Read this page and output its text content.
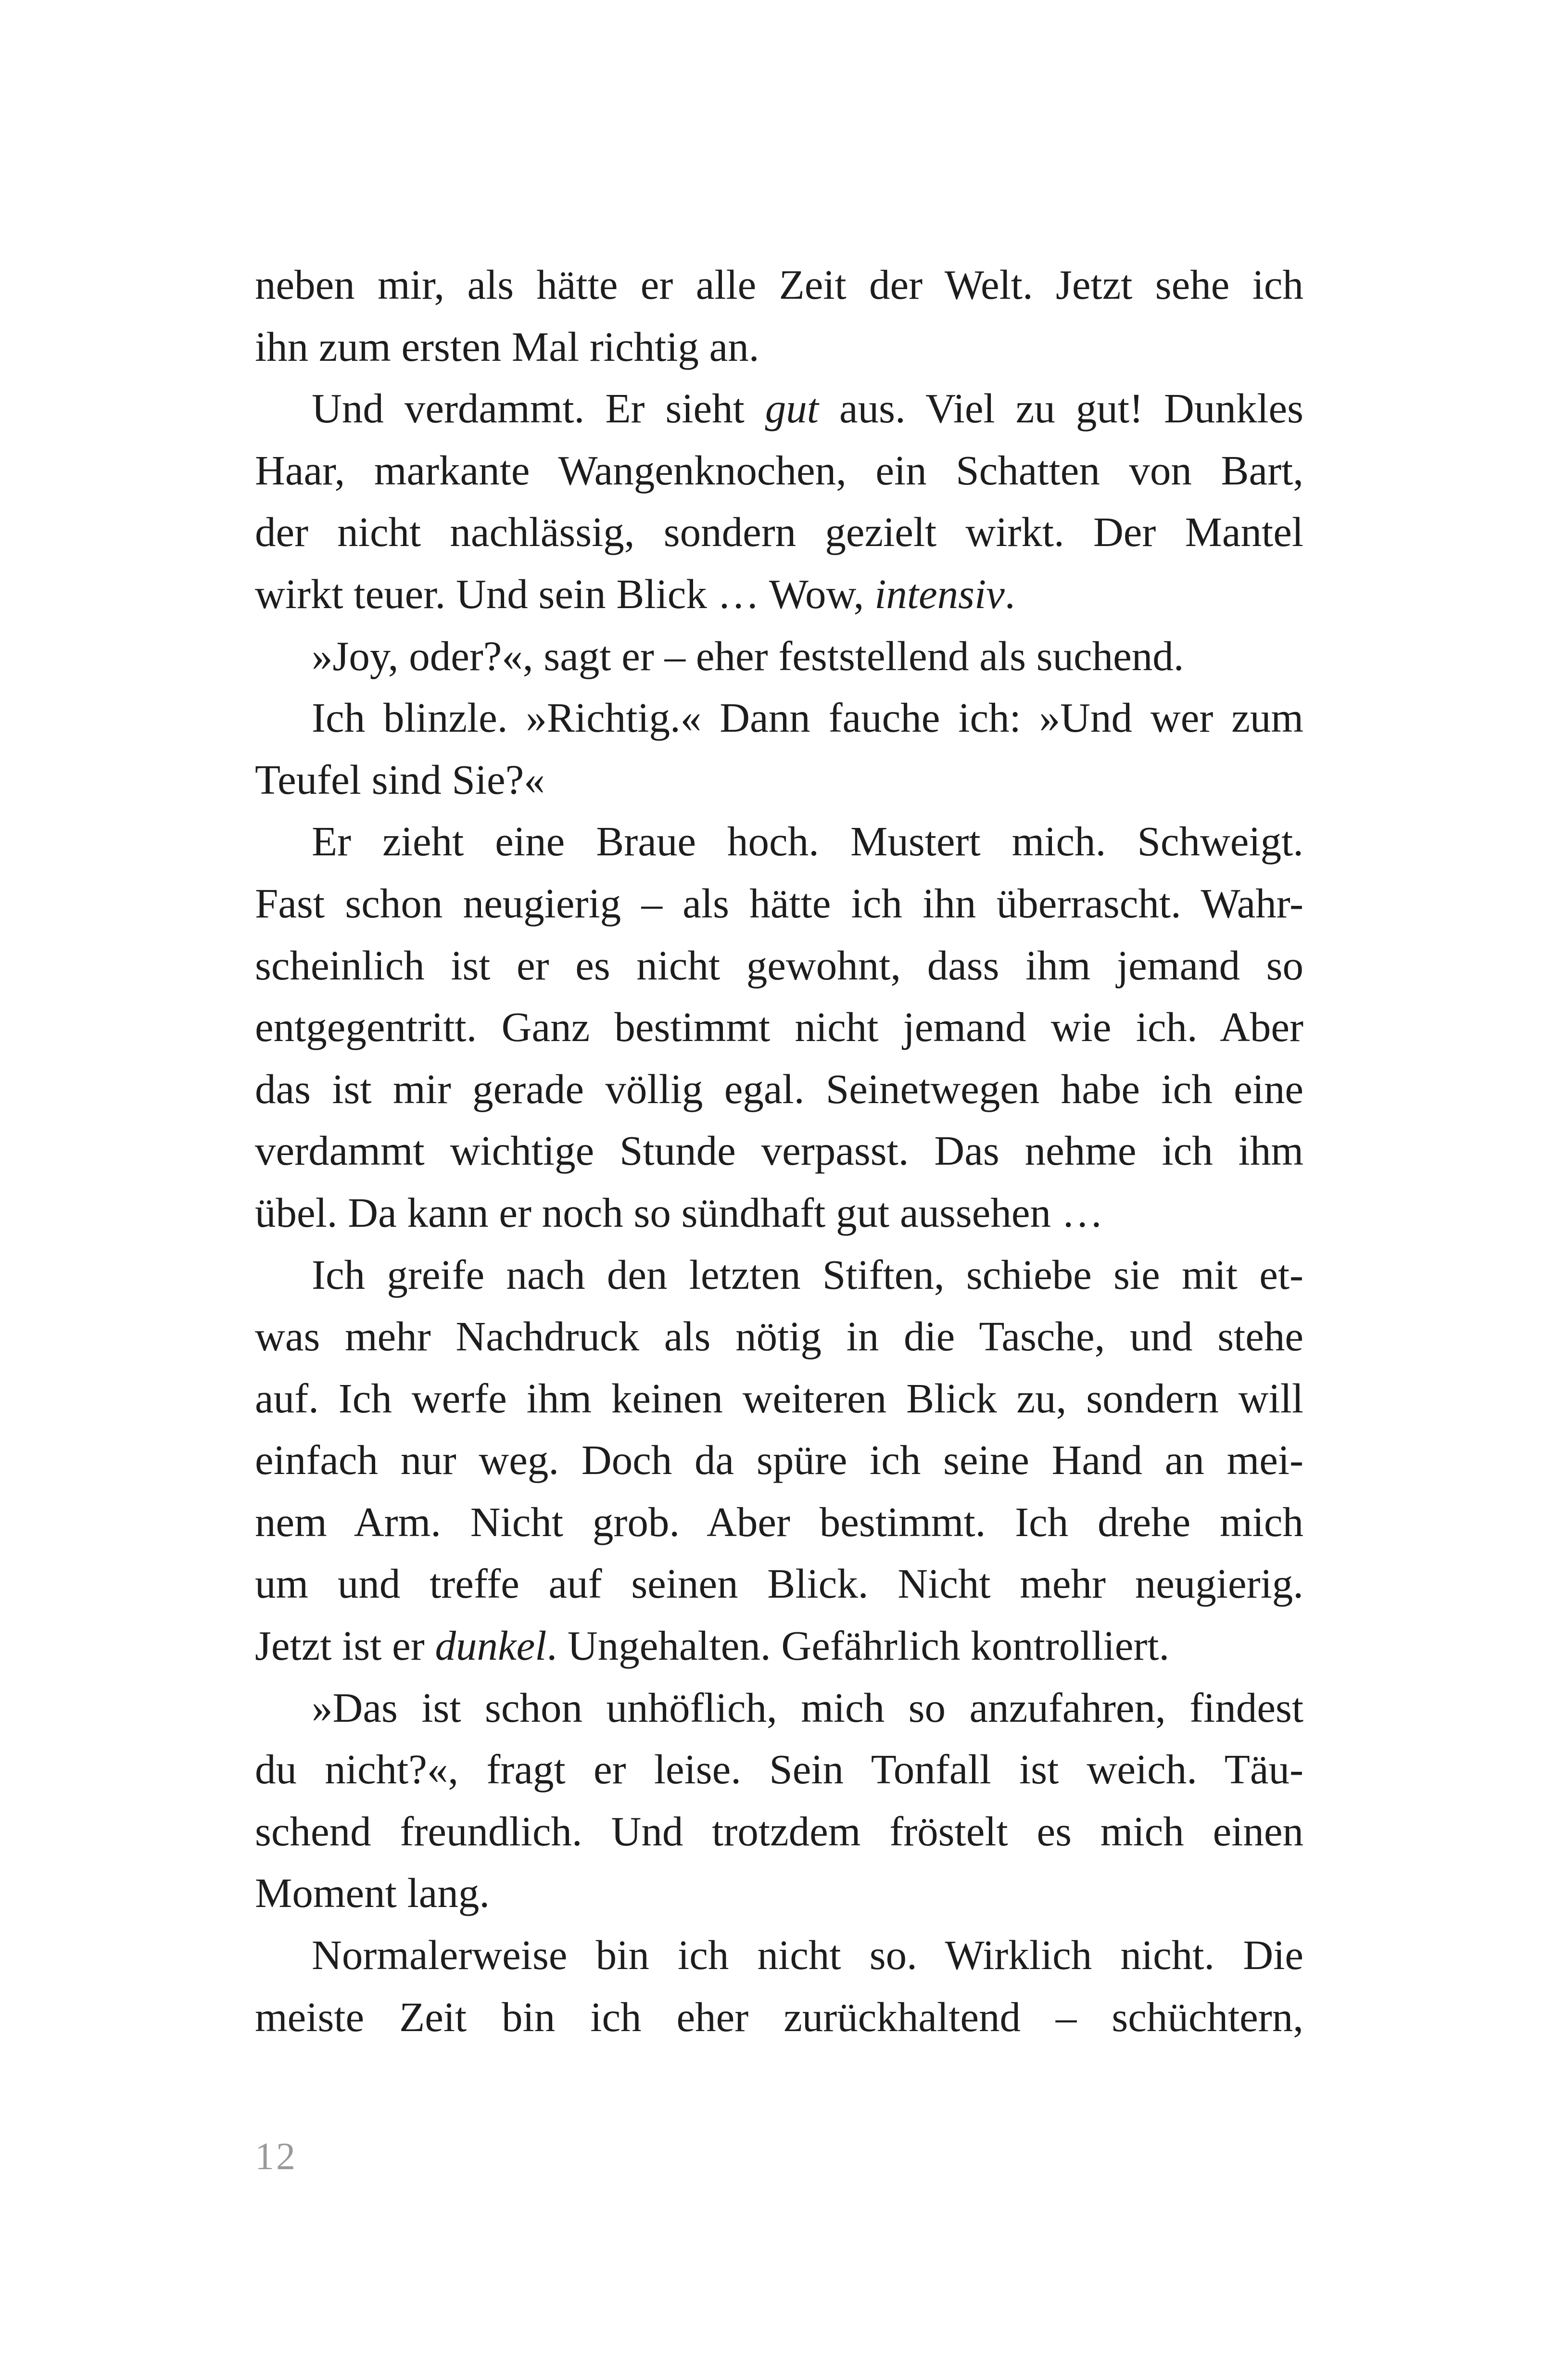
neben mir, als hätte er alle Zeit der Welt. Jetzt sehe ich
ihn zum ersten Mal richtig an.

Und verdammt. Er sieht gut aus. Viel zu gut! Dunkles
Haar, markante Wangenknochen, ein Schatten von Bart,
der nicht nachlässig, sondern gezielt wirkt. Der Mantel
wirkt teuer. Und sein Blick … Wow, intensiv.

»Joy, oder?«, sagt er – eher feststellend als suchend.

Ich blinzle. »Richtig.« Dann fauche ich: »Und wer zum
Teufel sind Sie?«

Er zieht eine Braue hoch. Mustert mich. Schweigt.
Fast schon neugierig – als hätte ich ihn überrascht. Wahr-
scheinlich ist er es nicht gewohnt, dass ihm jemand so
entgegentritt. Ganz bestimmt nicht jemand wie ich. Aber
das ist mir gerade völlig egal. Seinetwegen habe ich eine
verdammt wichtige Stunde verpasst. Das nehme ich ihm
übel. Da kann er noch so sündhaft gut aussehen …

Ich greife nach den letzten Stiften, schiebe sie mit et-
was mehr Nachdruck als nötig in die Tasche, und stehe
auf. Ich werfe ihm keinen weiteren Blick zu, sondern will
einfach nur weg. Doch da spüre ich seine Hand an mei-
nem Arm. Nicht grob. Aber bestimmt. Ich drehe mich
um und treffe auf seinen Blick. Nicht mehr neugierig.
Jetzt ist er dunkel. Ungehalten. Gefährlich kontrolliert.

»Das ist schon unhöflich, mich so anzufahren, findest
du nicht?«, fragt er leise. Sein Tonfall ist weich. Täu-
schend freundlich. Und trotzdem fröstelt es mich einen
Moment lang.

Normalerweise bin ich nicht so. Wirklich nicht. Die
meiste Zeit bin ich eher zurückhaltend – schüchtern,

12
